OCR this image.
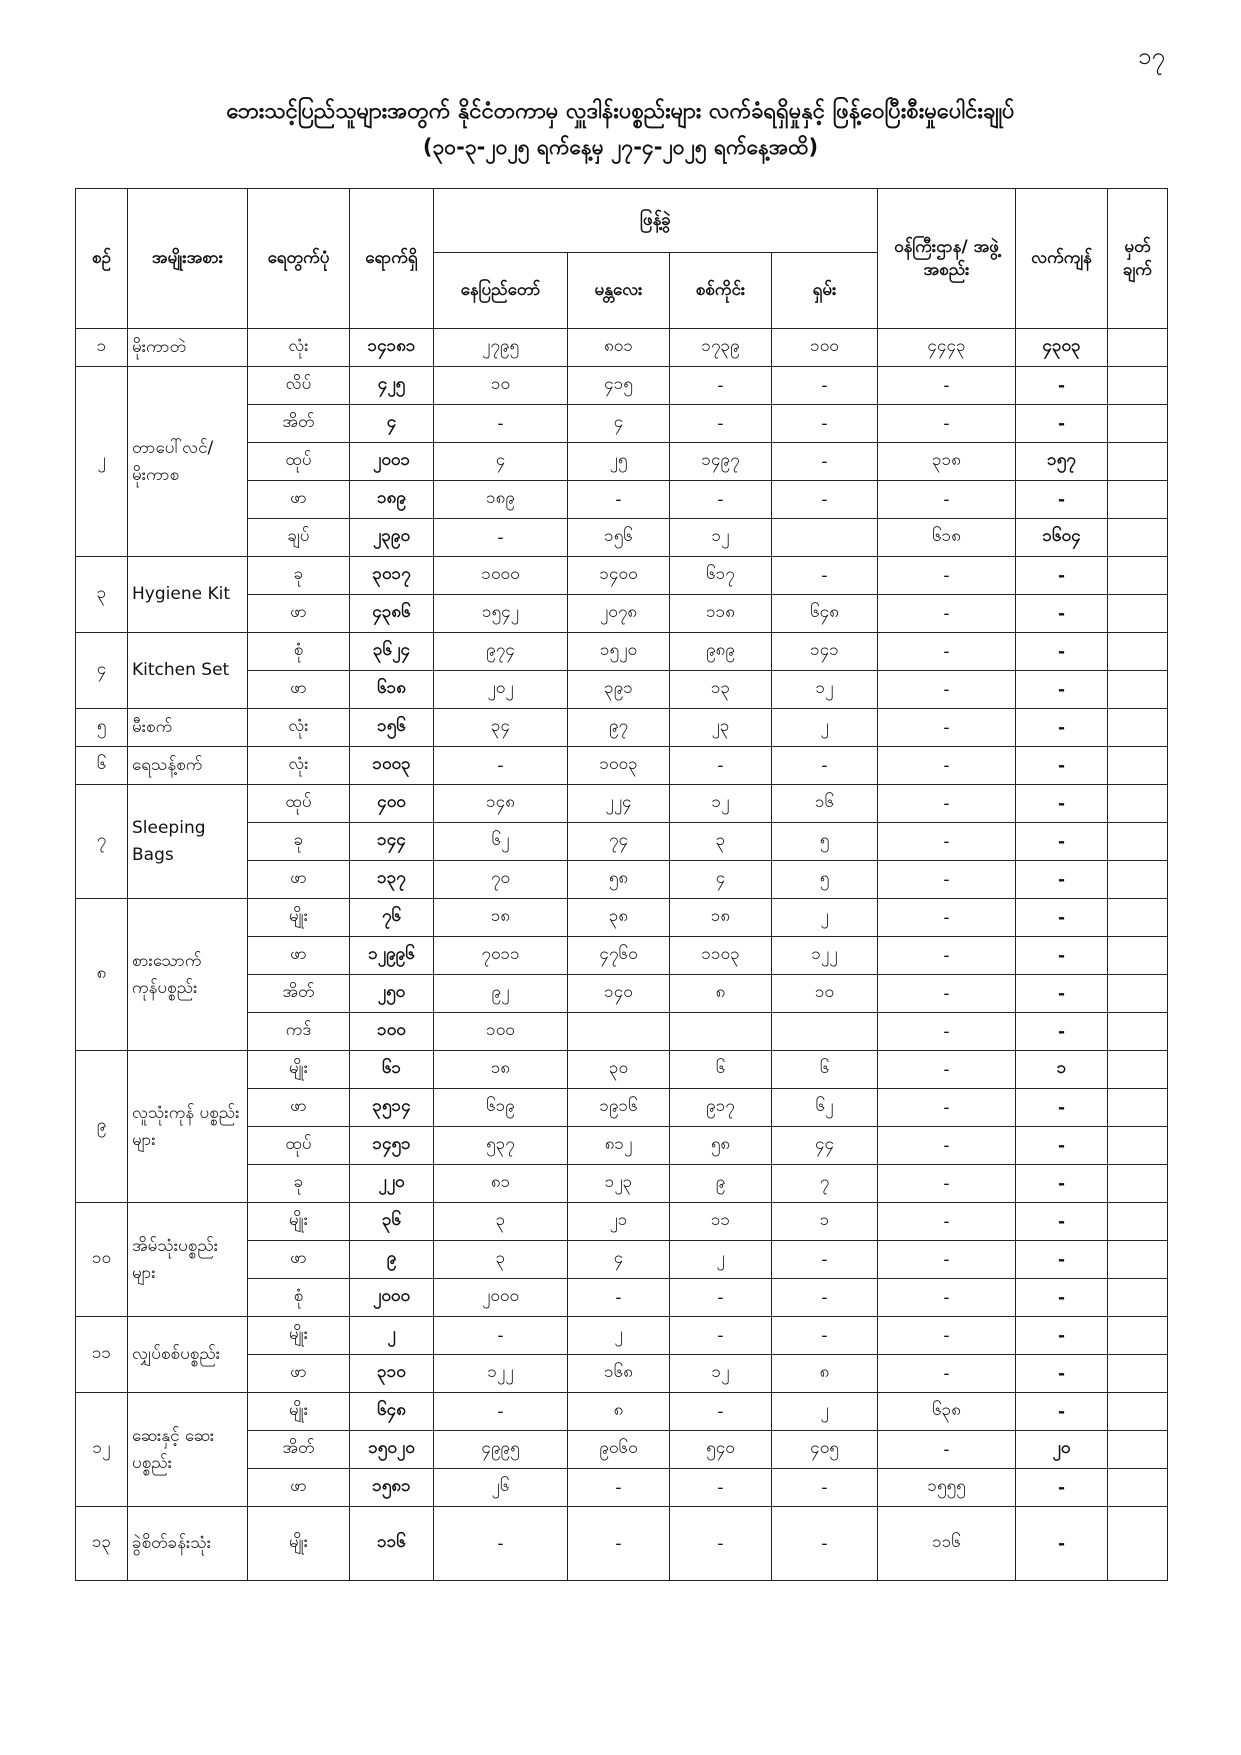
၁၇
ဘေးသင့်ပြည်သူများအတွက် နိုင်ငံတကာမှ လှူဒါန်းပစ္စည်းများ လက်ခံရရှိမှုနှင့် ဖြန့်ဝေပြီးစီးမှုပေါင်းချုပ်
(၃၀-၃-၂၀၂၅ ရက်နေ့မှ ၂၇-၄-၂၀၂၅ ရက်နေ့အထိ)
စဉ်	အမျိုးအစား	ရေတွက်ပုံ	ရောက်ရှိ	ဖြန့်ခွဲ				ဝန်ကြီးဌာန/ အဖွဲ့အစည်း	လက်ကျန်	မှတ် ချက်
				နေပြည်တော်	မန္တလေး	စစ်ကိုင်း	ရှမ်း			
၁	မိုးကာတဲ	လုံး	၁၄၁၈၁	၂၇၉၅	၈၀၁	၁၇၃၉	၁၀၀	၄၄၄၃	၄၃၀၃	
၂	တာပေါ်လင်/ မိုးကာစ	လိပ်	၄၂၅	၁၀	၄၁၅	-	-	-	-	
		အိတ်	၄	-	၄	-	-	-	-	
		ထုပ်	၂၀၀၁	၄	၂၅	၁၄၉၇	-	၃၁၈	၁၅၇	
		ဖာ	၁၈၉	၁၈၉	-	-	-	-	-	
		ချပ်	၂၃၉၀	-	၁၅၆	၁၂		၆၁၈	၁၆၀၄	
၃	Hygiene Kit	ခု	၃၀၁၇	၁၀၀၀	၁၄၀၀	၆၁၇	-	-	-	
		ဖာ	၄၃၈၆	၁၅၄၂	၂၀၇၈	၁၁၈	၆၄၈	-	-	
၄	Kitchen Set	စုံ	၃၆၂၄	၉၇၄	၁၅၂၀	၉၈၉	၁၄၁	-	-	
		ဖာ	၆၁၈	၂၀၂	၃၉၁	၁၃	၁၂	-	-	
၅	မီးစက်	လုံး	၁၅၆	၃၄	၉၇	၂၃	၂	-	-	
၆	ရေသန့်စက်	လုံး	၁၀၀၃	-	၁၀၀၃	-	-	-	-	
၇	Sleeping Bags	ထုပ်	၄၀၀	၁၄၈	၂၂၄	၁၂	၁၆	-	-	
		ခု	၁၄၄	၆၂	၇၄	၃	၅	-	-	
		ဖာ	၁၃၇	၇၀	၅၈	၄	၅	-	-	
၈	စားသောက် ကုန်ပစ္စည်း	မျိုး	၇၆	၁၈	၃၈	၁၈	၂	-	-	
		ဖာ	၁၂၉၉၆	၇၀၁၁	၄၇၆၀	၁၁၀၃	၁၂၂	-	-	
		အိတ်	၂၅၀	၉၂	၁၄၀	၈	၁၀	-	-	
		ကဒ်	၁၀၀	၁၀၀				-	-	
၉	လူသုံးကုန် ပစ္စည်းများ	မျိုး	၆၁	၁၈	၃၀	၆	၆	-	၁	
		ဖာ	၃၅၁၄	၆၁၉	၁၉၁၆	၉၁၇	၆၂	-	-	
		ထုပ်	၁၄၅၁	၅၃၇	၈၁၂	၅၈	၄၄	-	-	
		ခု	၂၂၀	၈၁	၁၂၃	၉	၇	-	-	
၁၀	အိမ်သုံးပစ္စည်း များ	မျိုး	၃၆	၃	၂၁	၁၁	၁	-	-	
		ဖာ	၉	၃	၄	၂	-	-	-	
		စုံ	၂၀၀၀	၂၀၀၀	-	-	-	-	-	
၁၁	လျှပ်စစ်ပစ္စည်း	မျိုး	၂	-	၂	-	-	-	-	
		ဖာ	၃၁၀	၁၂၂	၁၆၈	၁၂	၈	-	-	
၁၂	ဆေးနှင့် ဆေးပစ္စည်း	မျိုး	၆၄၈	-	၈	-	၂	၆၃၈	-	
		အိတ်	၁၅၀၂၀	၄၉၉၅	၉၀၆၀	၅၄၀	၄၀၅	-	၂၀	
		ဖာ	၁၅၈၁	၂၆	-	-	-	၁၅၅၅	-	
၁၃	ခွဲစိတ်ခန်းသုံး	မျိုး	၁၁၆	-	-	-	-	၁၁၆	-	
